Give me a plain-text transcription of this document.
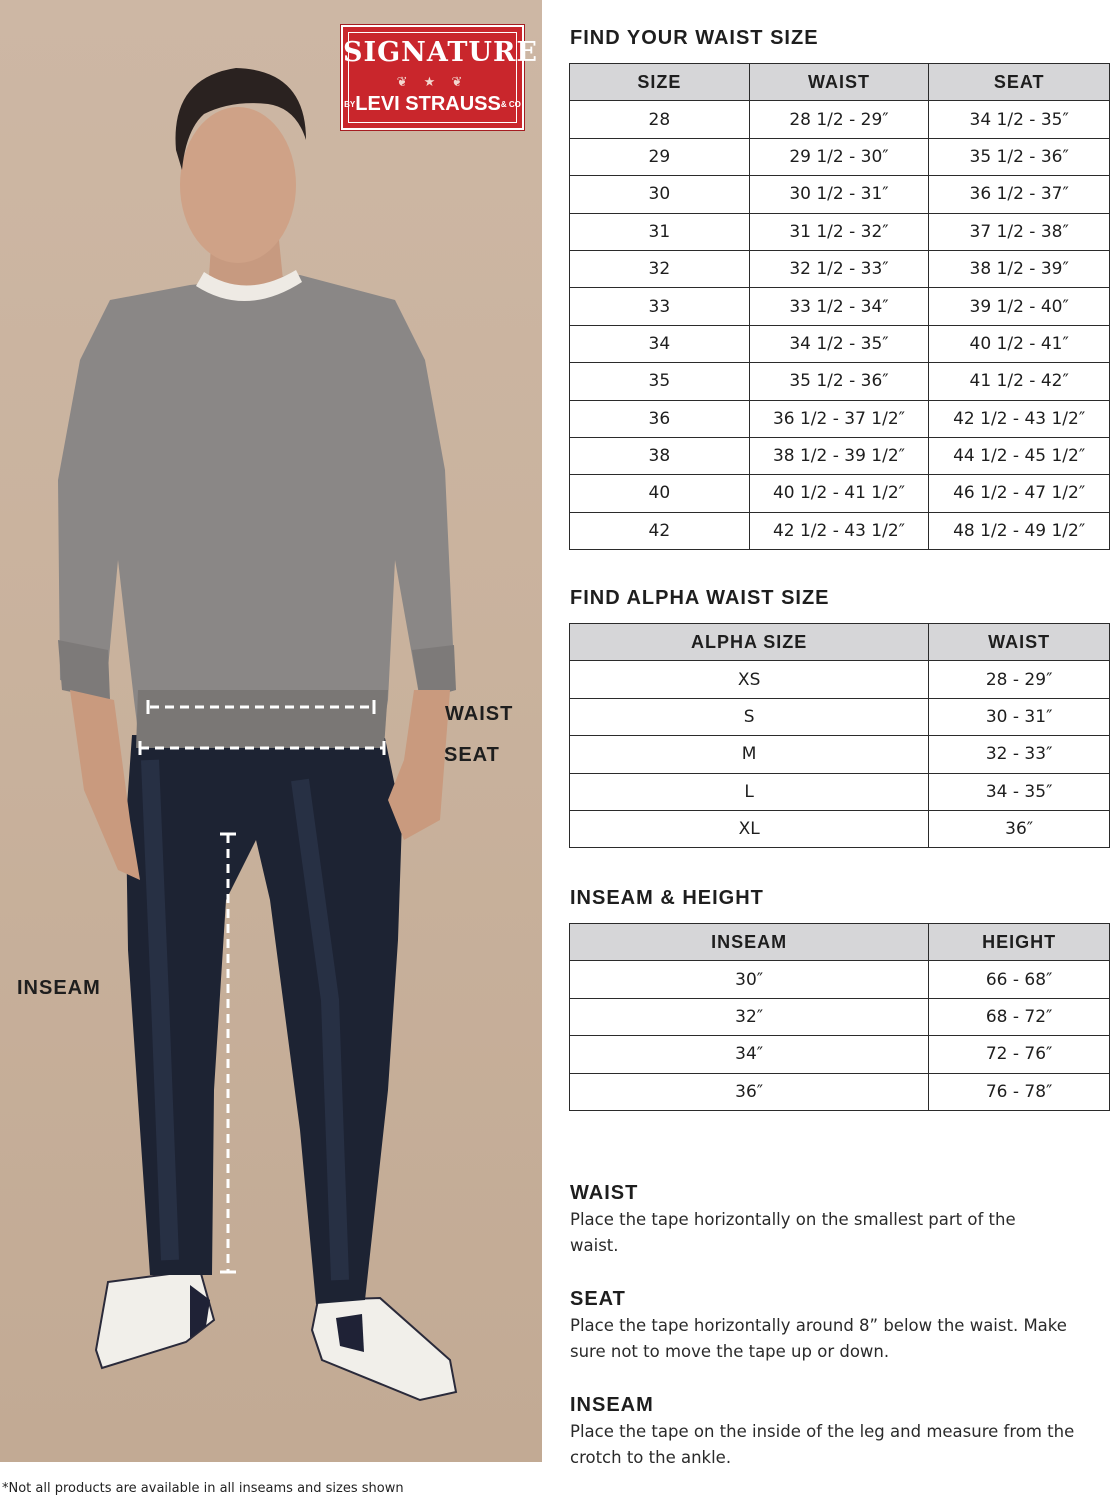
SIGNATURE
❦ ★ ❦
BYLEVI STRAUSS& CO
WAIST
SEAT
INSEAM
FIND YOUR WAIST SIZE
SIZE	WAIST	SEAT
28	28 1/2 - 29″	34 1/2 - 35″
29	29 1/2 - 30″	35 1/2 - 36″
30	30 1/2 - 31″	36 1/2 - 37″
31	31 1/2 - 32″	37 1/2 - 38″
32	32 1/2 - 33″	38 1/2 - 39″
33	33 1/2 - 34″	39 1/2 - 40″
34	34 1/2 - 35″	40 1/2 - 41″
35	35 1/2 - 36″	41 1/2 - 42″
36	36 1/2 - 37 1/2″	42 1/2 - 43 1/2″
38	38 1/2 - 39 1/2″	44 1/2 - 45 1/2″
40	40 1/2 - 41 1/2″	46 1/2 - 47 1/2″
42	42 1/2 - 43 1/2″	48 1/2 - 49 1/2″
FIND ALPHA WAIST SIZE
ALPHA SIZE	WAIST
XS	28 - 29″
S	30 - 31″
M	32 - 33″
L	34 - 35″
XL	36″
INSEAM & HEIGHT
INSEAM	HEIGHT
30″	66 - 68″
32″	68 - 72″
34″	72 - 76″
36″	76 - 78″
WAIST
Place the tape horizontally on the smallest part of the waist.
SEAT
Place the tape horizontally around 8” below the waist. Make sure not to move the tape up or down.
INSEAM
Place the tape on the inside of the leg and measure from the crotch to the ankle.
*Not all products are available in all inseams and sizes shown
